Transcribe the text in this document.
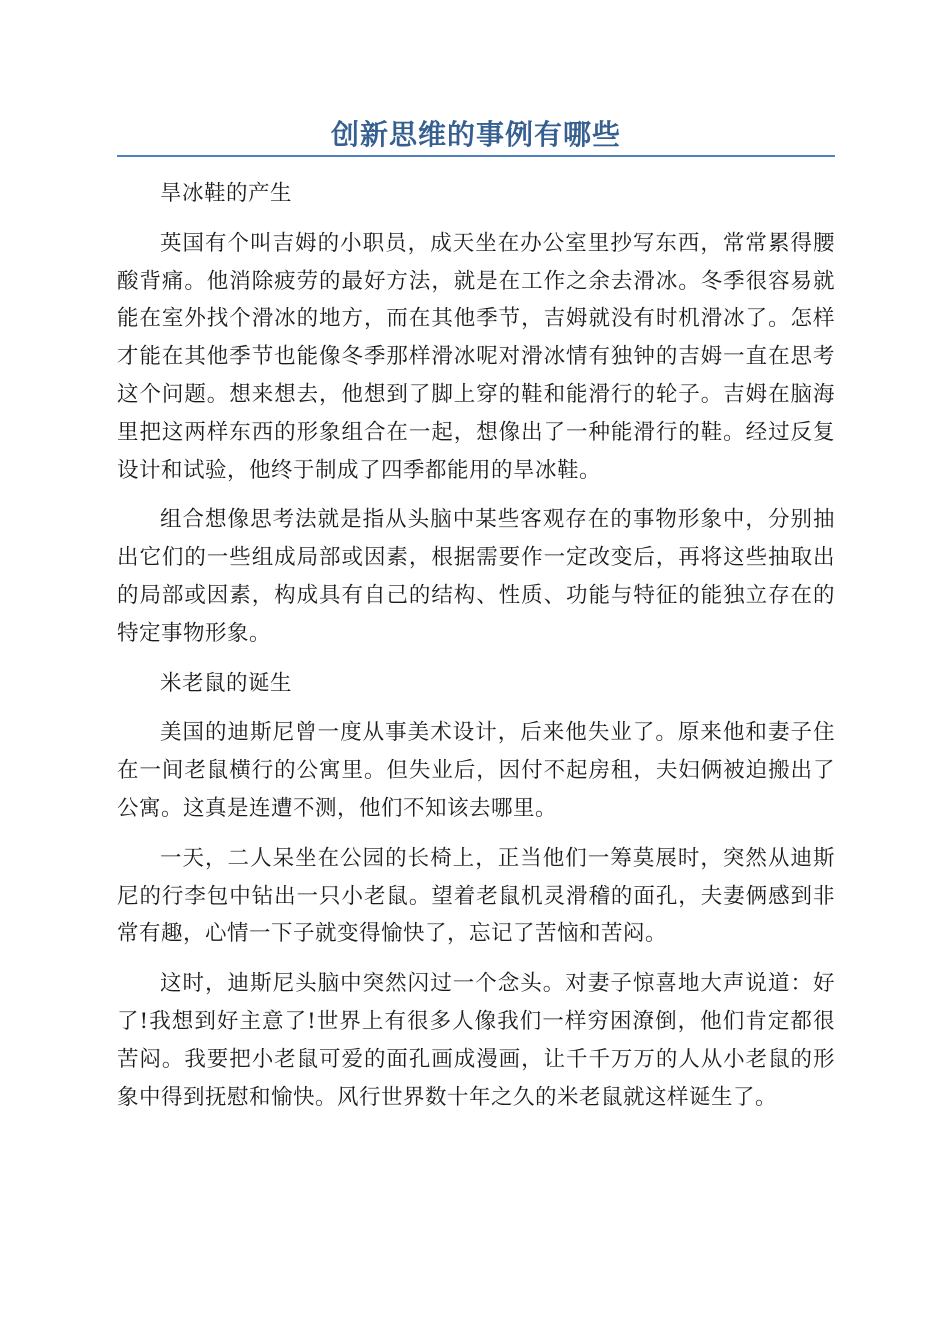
创新思维的事例有哪些

旱冰鞋的产生

英国有个叫吉姆的小职员，成天坐在办公室里抄写东西，常常累得腰酸背痛。他消除疲劳的最好方法，就是在工作之余去滑冰。冬季很容易就能在室外找个滑冰的地方，而在其他季节，吉姆就没有时机滑冰了。怎样才能在其他季节也能像冬季那样滑冰呢对滑冰情有独钟的吉姆一直在思考这个问题。想来想去，他想到了脚上穿的鞋和能滑行的轮子。吉姆在脑海里把这两样东西的形象组合在一起，想像出了一种能滑行的鞋。经过反复设计和试验，他终于制成了四季都能用的旱冰鞋。

组合想像思考法就是指从头脑中某些客观存在的事物形象中，分别抽出它们的一些组成局部或因素，根据需要作一定改变后，再将这些抽取出的局部或因素，构成具有自己的结构、性质、功能与特征的能独立存在的特定事物形象。

米老鼠的诞生

美国的迪斯尼曾一度从事美术设计，后来他失业了。原来他和妻子住在一间老鼠横行的公寓里。但失业后，因付不起房租，夫妇俩被迫搬出了公寓。这真是连遭不测，他们不知该去哪里。

一天，二人呆坐在公园的长椅上，正当他们一筹莫展时，突然从迪斯尼的行李包中钻出一只小老鼠。望着老鼠机灵滑稽的面孔，夫妻俩感到非常有趣，心情一下子就变得愉快了，忘记了苦恼和苦闷。

这时，迪斯尼头脑中突然闪过一个念头。对妻子惊喜地大声说道：好了!我想到好主意了!世界上有很多人像我们一样穷困潦倒，他们肯定都很苦闷。我要把小老鼠可爱的面孔画成漫画，让千千万万的人从小老鼠的形象中得到抚慰和愉快。风行世界数十年之久的米老鼠就这样诞生了。
